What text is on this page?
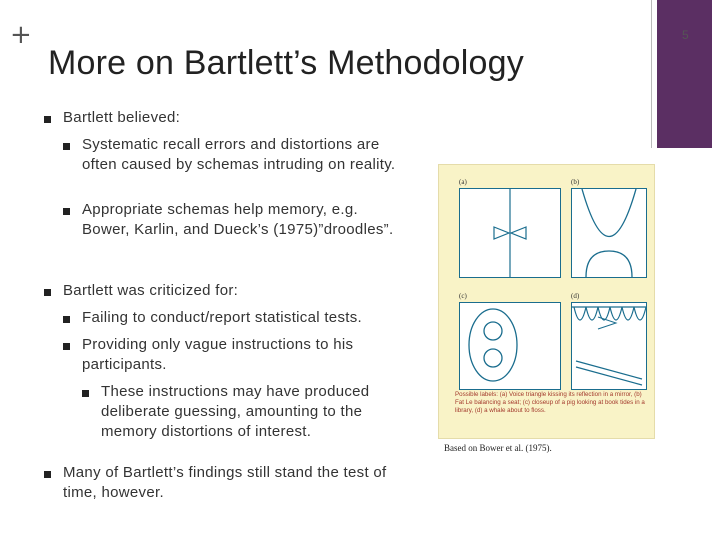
5
+
More on Bartlett’s Methodology
Bartlett believed:
Systematic recall errors and distortions are often caused by schemas intruding on reality.
Appropriate schemas help memory, e.g. Bower, Karlin, and Dueck’s (1975)”droodles”.
Bartlett was criticized for:
Failing to conduct/report statistical tests.
Providing only vague instructions to his participants.
These instructions may have produced deliberate guessing, amounting to the memory distortions of interest.
Many of Bartlett’s findings still stand the test of time, however.
(a)	(b)
(c)	(d)
Possible labels: (a) Voice triangle kissing its reflection in a mirror, (b) Fat Le balancing a seat; (c) closeup of a pig looking at book tides in a library, (d) a whale about to floss.
Based on Bower et al. (1975).
